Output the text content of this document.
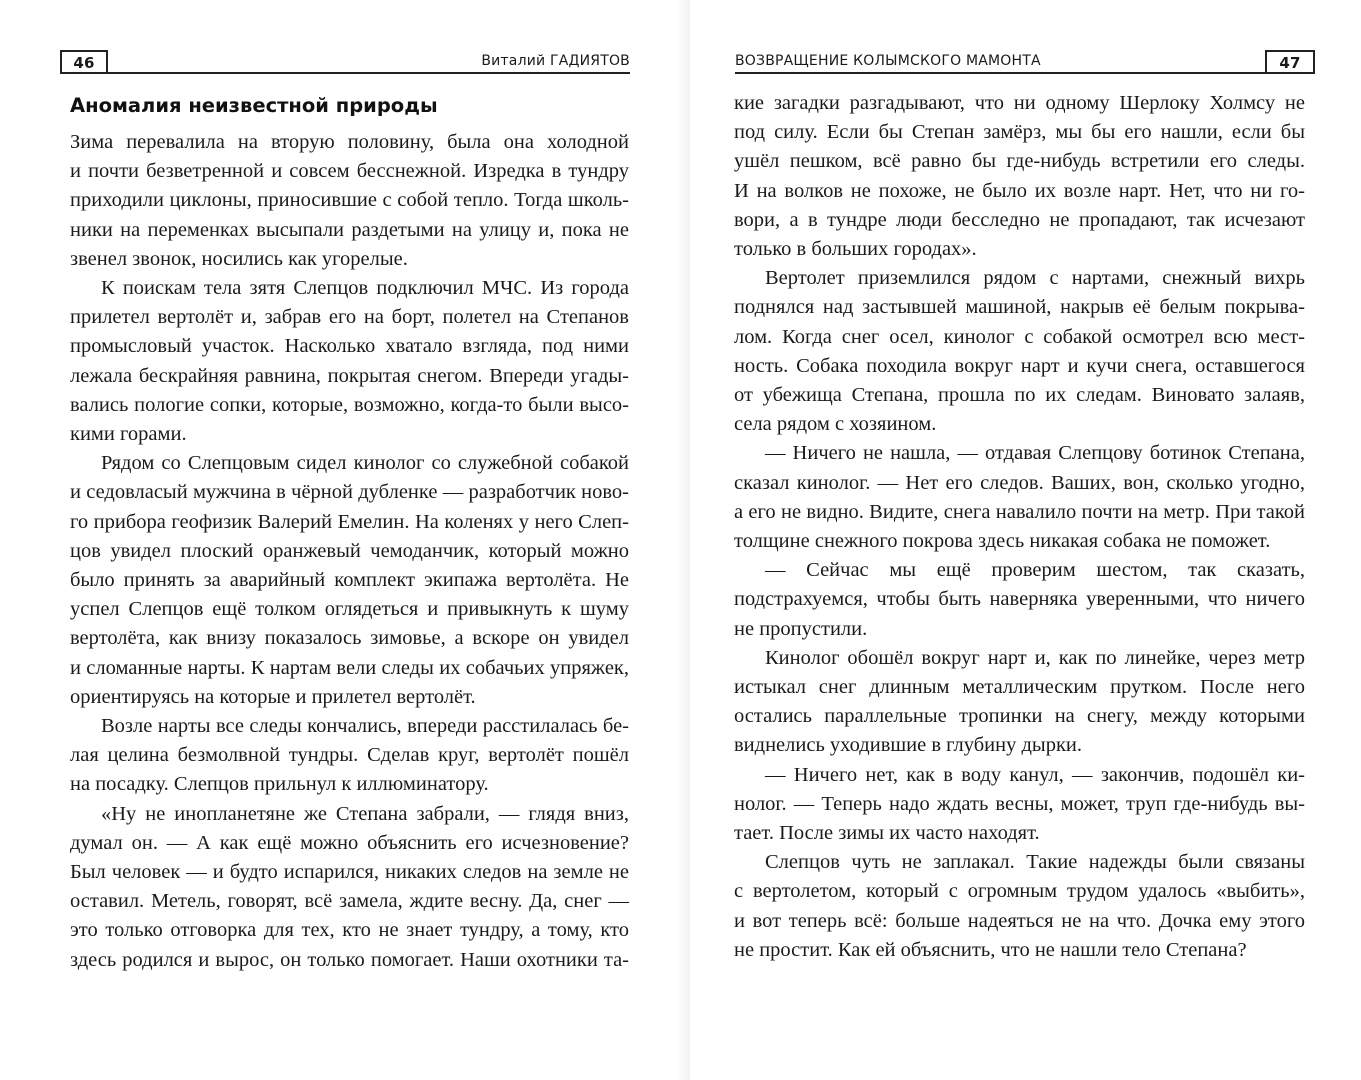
46	Виталий ГАДИЯТОВ
Аномалия неизвестной природы
Зима перевалила на вторую половину, была она холодной
и почти безветренной и совсем бесснежной. Изредка в тундру
приходили циклоны, приносившие с собой тепло. Тогда школь-
ники на переменках высыпали раздетыми на улицу и, пока не
звенел звонок, носились как угорелые.
К поискам тела зятя Слепцов подключил МЧС. Из города
прилетел вертолёт и, забрав его на борт, полетел на Степанов
промысловый участок. Насколько хватало взгляда, под ними
лежала бескрайняя равнина, покрытая снегом. Впереди угады-
вались пологие сопки, которые, возможно, когда-то были высо-
кими горами.
Рядом со Слепцовым сидел кинолог со служебной собакой
и седовласый мужчина в чёрной дубленке — разработчик ново-
го прибора геофизик Валерий Емелин. На коленях у него Слеп-
цов увидел плоский оранжевый чемоданчик, который можно
было принять за аварийный комплект экипажа вертолёта. Не
успел Слепцов ещё толком оглядеться и привыкнуть к шуму
вертолёта, как внизу показалось зимовье, а вскоре он увидел
и сломанные нарты. К нартам вели следы их собачьих упряжек,
ориентируясь на которые и прилетел вертолёт.
Возле нарты все следы кончались, впереди расстилалась бе-
лая целина безмолвной тундры. Сделав круг, вертолёт пошёл
на посадку. Слепцов прильнул к иллюминатору.
«Ну не инопланетяне же Степана забрали, — глядя вниз,
думал он. — А как ещё можно объяснить его исчезновение?
Был человек — и будто испарился, никаких следов на земле не
оставил. Метель, говорят, всё замела, ждите весну. Да, снег —
это только отговорка для тех, кто не знает тундру, а тому, кто
здесь родился и вырос, он только помогает. Наши охотники та-
ВОЗВРАЩЕНИЕ КОЛЫМСКОГО МАМОНТА	47
кие загадки разгадывают, что ни одному Шерлоку Холмсу не
под силу. Если бы Степан замёрз, мы бы его нашли, если бы
ушёл пешком, всё равно бы где-нибудь встретили его следы.
И на волков не похоже, не было их возле нарт. Нет, что ни го-
вори, а в тундре люди бесследно не пропадают, так исчезают
только в больших городах».
Вертолет приземлился рядом с нартами, снежный вихрь
поднялся над застывшей машиной, накрыв её белым покрыва-
лом. Когда снег осел, кинолог с собакой осмотрел всю мест-
ность. Собака походила вокруг нарт и кучи снега, оставшегося
от убежища Степана, прошла по их следам. Виновато залаяв,
села рядом с хозяином.
— Ничего не нашла, — отдавая Слепцову ботинок Степана,
сказал кинолог. — Нет его следов. Ваших, вон, сколько угодно,
а его не видно. Видите, снега навалило почти на метр. При такой
толщине снежного покрова здесь никакая собака не поможет.
— Сейчас мы ещё проверим шестом, так сказать,
подстрахуемся, чтобы быть наверняка уверенными, что ничего
не пропустили.
Кинолог обошёл вокруг нарт и, как по линейке, через метр
истыкал снег длинным металлическим прутком. После него
остались параллельные тропинки на снегу, между которыми
виднелись уходившие в глубину дырки.
— Ничего нет, как в воду канул, — закончив, подошёл ки-
нолог. — Теперь надо ждать весны, может, труп где-нибудь вы-
тает. После зимы их часто находят.
Слепцов чуть не заплакал. Такие надежды были связаны
с вертолетом, который с огромным трудом удалось «выбить»,
и вот теперь всё: больше надеяться не на что. Дочка ему этого
не простит. Как ей объяснить, что не нашли тело Степана?
